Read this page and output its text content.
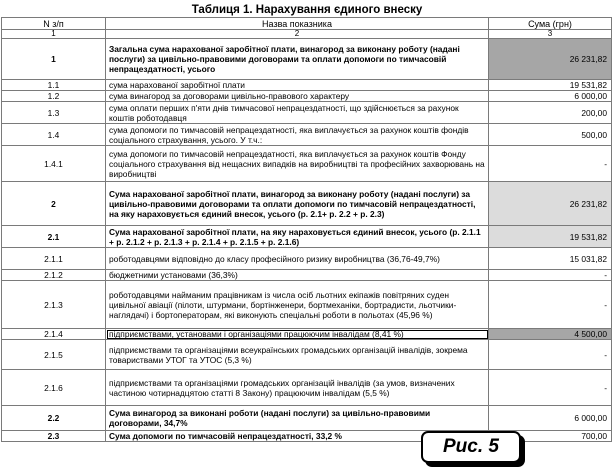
Таблиця 1. Нарахування єдиного внеску
N з/п	Назва показника	Сума (грн)
1	2	3
1	Загальна сума нарахованої заробітної плати, винагород за виконану роботу (надані послуги) за цивільно-правовими договорами та оплати допомоги по тимчасовій непрацездатності, усього	26 231,82
1.1	сума нарахованої заробітної плати	19 531,82
1.2	сума винагород за договорами цивільно-правового характеру	6 000,00
1.3	сума оплати перших п'яти днів тимчасової непрацездатності, що здійснюється за рахунок коштів роботодавця	200,00
1.4	сума допомоги по тимчасовій непрацездатності, яка виплачується за рахунок коштів фондів соціального страхування, усього. У т.ч.:	500,00
1.4.1	сума допомоги по тимчасовій непрацездатності, яка виплачується за рахунок коштів Фонду соціального страхування від нещасних випадків на виробництві та професійних захворювань на виробництві	-
2	Сума нарахованої заробітної плати, винагород за виконану роботу (надані послуги) за цивільно-правовими договорами та оплати допомоги по тимчасовій непрацездатності, на яку нараховується єдиний внесок, усього (р. 2.1+ р. 2.2 + р. 2.3)	26 231,82
2.1	Сума нарахованої заробітної плати, на яку нараховується єдиний внесок, усього (р. 2.1.1 + р. 2.1.2 + р. 2.1.3 + р. 2.1.4 + р. 2.1.5 + р. 2.1.6)	19 531,82
2.1.1	роботодавцями відповідно до класу професійного ризику виробництва (36,76-49,7%)	15 031,82
2.1.2	бюджетними установами (36,3%)	-
2.1.3	роботодавцями найманим працівникам із числа осіб льотних екіпажів повітряних суден цивільної авіації (пілоти, штурмани, бортінженери, бортмеханіки, бортрадисти, льотчики-наглядачі) і бортоператорам, які виконують спеціальні роботи в польотах (45,96 %)	-
2.1.4	підприємствами, установами і організаціями працюючим інвалідам (8,41 %)	4 500,00
2.1.5	підприємствами та організаціями всеукраїнських громадських організацій інвалідів, зокрема товариствами УТОГ та УТОС (5,3 %)	-
2.1.6	підприємствами та організаціями громадських організацій інвалідів (за умов, визначених частиною чотирнадцятою статті 8 Закону) працюючим інвалідам (5,5 %)	-
2.2	Сума винагород за виконані роботи (надані послуги) за цивільно-правовими договорами, 34,7%	6 000,00
2.3	Сума допомоги по тимчасовій непрацездатності, 33,2 %	700,00
Рис. 5
